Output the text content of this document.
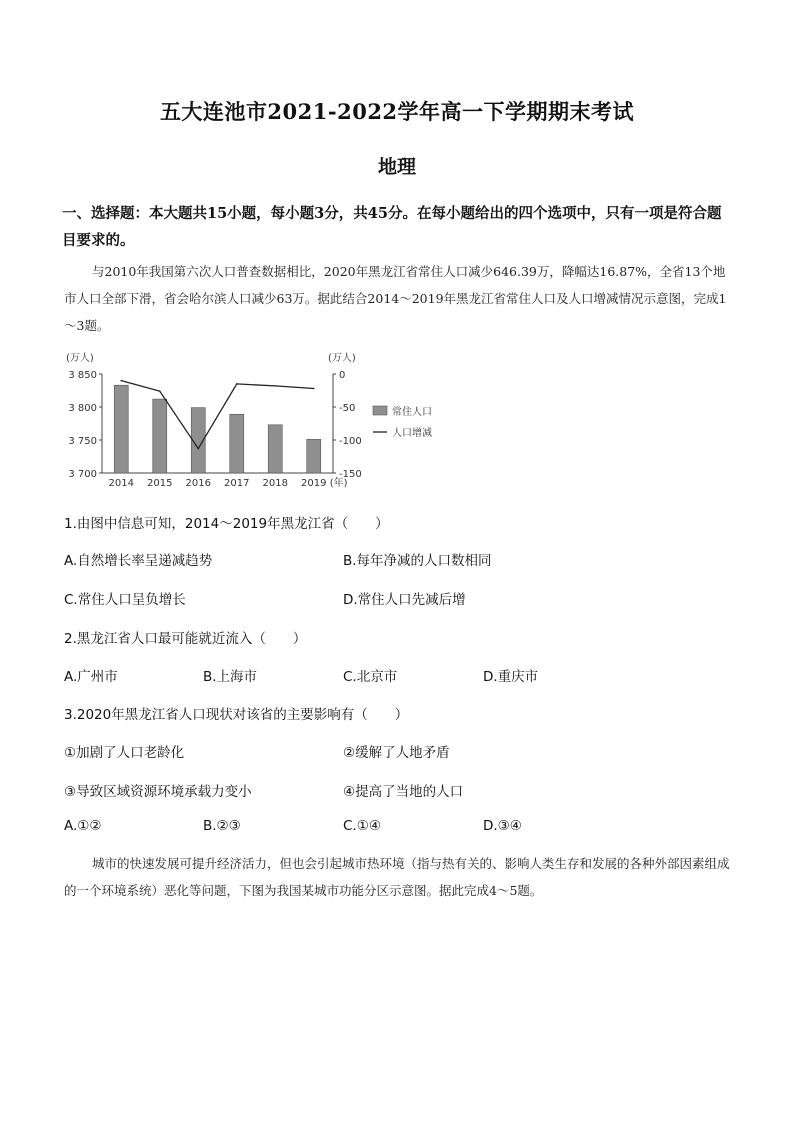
五大连池市2021-2022学年高一下学期期末考试
地理
一、选择题：本大题共15小题，每小题3分，共45分。在每小题给出的四个选项中，只有一项是符合题目要求的。
与2010年我国第六次人口普查数据相比，2020年黑龙江省常住人口减少646.39万，降幅达16.87%，全省13个地市人口全部下滑，省会哈尔滨人口减少63万。据此结合2014～2019年黑龙江省常住人口及人口增减情况示意图，完成1～3题。
3 850
3 800
3 750
3 700
(万人)
0
-50
-100
-150
(万人)
2014 2015 2016 2017 2018 2019 (年)
常住人口
人口增减
1.由图中信息可知，2014～2019年黑龙江省（　　）
A.自然增长率呈递减趋势	B.每年净减的人口数相同
C.常住人口呈负增长	D.常住人口先减后增
2.黑龙江省人口最可能就近流入（　　）
A.广州市	B.上海市	C.北京市	D.重庆市
3.2020年黑龙江省人口现状对该省的主要影响有（　　）
①加剧了人口老龄化	②缓解了人地矛盾
③导致区域资源环境承载力变小	④提高了当地的人口
A.①②	B.②③	C.①④	D.③④
城市的快速发展可提升经济活力，但也会引起城市热环境（指与热有关的、影响人类生存和发展的各种外部因素组成的一个环境系统）恶化等问题，下图为我国某城市功能分区示意图。据此完成4～5题。
